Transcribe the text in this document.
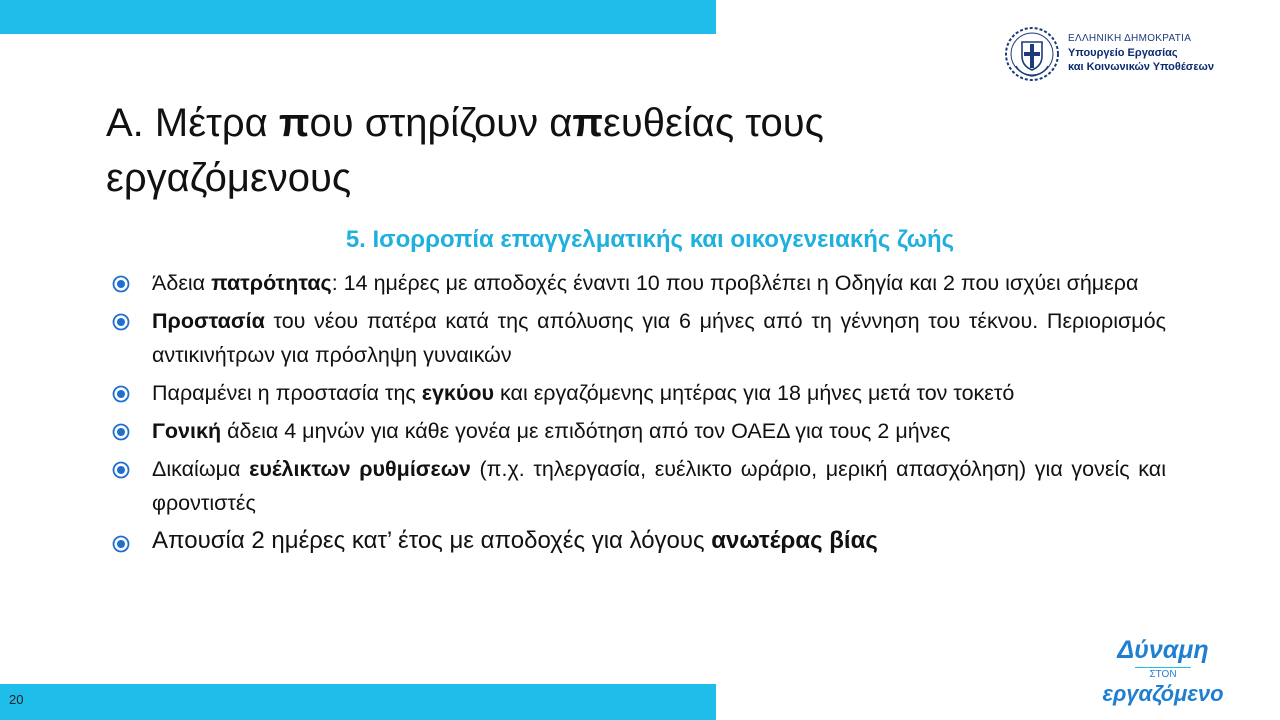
ΕΛΛΗΝΙΚΗ ΔΗΜΟΚΡΑΤΙΑ
Υπουργείο Εργασίας
και Κοινωνικών Υποθέσεων
Α. Μέτρα που στηρίζουν απευθείας τους
εργαζόμενους
5. Ισορροπία επαγγελματικής και οικογενειακής ζωής
Άδεια πατρότητας: 14 ημέρες με αποδοχές έναντι 10 που προβλέπει η Οδηγία και 2 που ισχύει σήμερα
Προστασία του νέου πατέρα κατά της απόλυσης για 6 μήνες από τη γέννηση του τέκνου. Περιορισμός αντικινήτρων για πρόσληψη γυναικών
Παραμένει η προστασία της εγκύου και εργαζόμενης μητέρας για 18 μήνες μετά τον τοκετό
Γονική άδεια 4 μηνών για κάθε γονέα με επιδότηση από τον ΟΑΕΔ για τους 2 μήνες
Δικαίωμα ευέλικτων ρυθμίσεων (π.χ. τηλεργασία, ευέλικτο ωράριο, μερική απασχόληση) για γονείς και φροντιστές
Απουσία 2 ημέρες κατ’ έτος με αποδοχές για λόγους ανωτέρας βίας
20
Δύναμη
ΣΤΟΝ
εργαζόμενο
